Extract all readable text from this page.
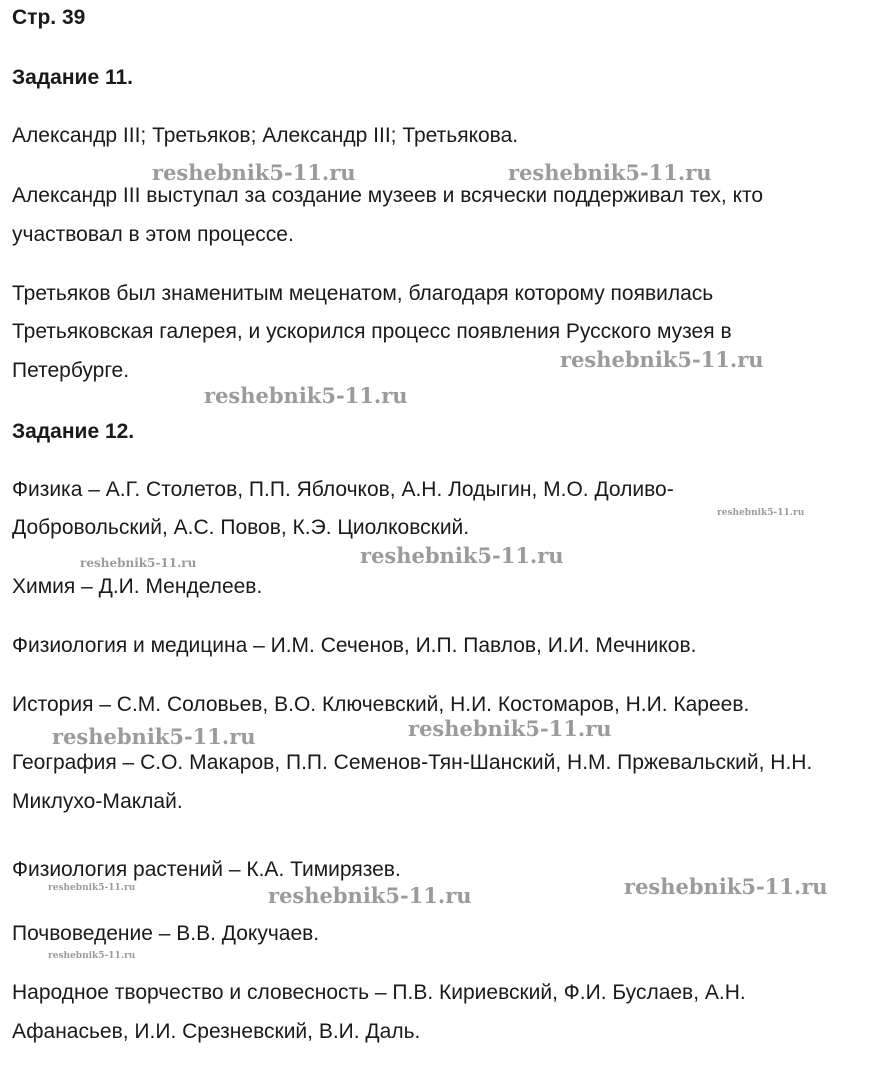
Стр. 39
Задание 11.
Александр III; Третьяков; Александр III; Третьякова.
Александр III выступал за создание музеев и всячески поддерживал тех, кто
участвовал в этом процессе.
Третьяков был знаменитым меценатом, благодаря которому появилась
Третьяковская галерея, и ускорился процесс появления Русского музея в
Петербурге.
Задание 12.
Физика – А.Г. Столетов, П.П. Яблочков, А.Н. Лодыгин, М.О. Доливо-
Добровольский, А.С. Повов, К.Э. Циолковский.
Химия – Д.И. Менделеев.
Физиология и медицина – И.М. Сеченов, И.П. Павлов, И.И. Мечников.
История – С.М. Соловьев, В.О. Ключевский, Н.И. Костомаров, Н.И. Кареев.
География – С.О. Макаров, П.П. Семенов-Тян-Шанский, Н.М. Пржевальский, Н.Н.
Миклухо-Маклай.
Физиология растений – К.А. Тимирязев.
Почвоведение – В.В. Докучаев.
Народное творчество и словесность – П.В. Кириевский, Ф.И. Буслаев, А.Н.
Афанасьев, И.И. Срезневский, В.И. Даль.
reshebnik5-11.ru	reshebnik5-11.ru
reshebnik5-11.ru
reshebnik5-11.ru
reshebnik5-11.ru
reshebnik5-11.ru	reshebnik5-11.ru
reshebnik5-11.ru
reshebnik5-11.ru
reshebnik5-11.ru
reshebnik5-11.ru	reshebnik5-11.ru
reshebnik5-11.ru
